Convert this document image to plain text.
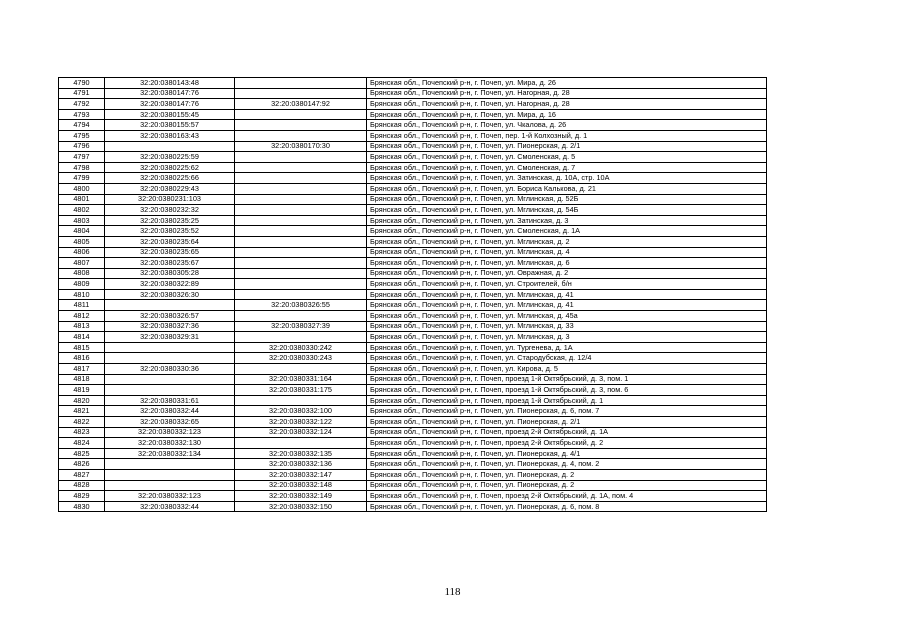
4790	32:20:0380143:48		Брянская обл., Почепский р-н, г. Почеп, ул. Мира, д. 26
4791	32:20:0380147:76		Брянская обл., Почепский р-н, г. Почеп, ул. Нагорная, д. 28
4792	32:20:0380147:76	32:20:0380147:92	Брянская обл., Почепский р-н, г. Почеп, ул. Нагорная, д. 28
4793	32:20:0380155:45		Брянская обл., Почепский р-н, г. Почеп, ул. Мира, д. 16
4794	32:20:0380155:57		Брянская обл., Почепский р-н, г. Почеп, ул. Чкалова, д. 26
4795	32:20:0380163:43		Брянская обл., Почепский р-н, г. Почеп, пер. 1-й Колхозный, д. 1
4796		32:20:0380170:30	Брянская обл., Почепский р-н, г. Почеп, ул. Пионерская, д. 2/1
4797	32:20:0380225:59		Брянская обл., Почепский р-н, г. Почеп, ул. Смоленская, д. 5
4798	32:20:0380225:62		Брянская обл., Почепский р-н, г. Почеп, ул. Смоленская, д. 7
4799	32:20:0380225:66		Брянская обл., Почепский р-н, г. Почеп, ул. Затинская, д. 10А, стр. 10А
4800	32:20:0380229:43		Брянская обл., Почепский р-н, г. Почеп, ул. Бориса Калькова, д. 21
4801	32:20:0380231:103		Брянская обл., Почепский р-н, г. Почеп, ул. Мглинская, д. 52Б
4802	32:20:0380232:32		Брянская обл., Почепский р-н, г. Почеп, ул. Мглинская, д. 54Б
4803	32:20:0380235:25		Брянская обл., Почепский р-н, г. Почеп, ул. Затинская, д. 3
4804	32:20:0380235:52		Брянская обл., Почепский р-н, г. Почеп, ул. Смоленская, д. 1А
4805	32:20:0380235:64		Брянская обл., Почепский р-н, г. Почеп, ул. Мглинская, д. 2
4806	32:20:0380235:65		Брянская обл., Почепский р-н, г. Почеп, ул. Мглинская, д. 4
4807	32:20:0380235:67		Брянская обл., Почепский р-н, г. Почеп, ул. Мглинская, д. 6
4808	32:20:0380305:28		Брянская обл., Почепский р-н, г. Почеп, ул. Овражная, д. 2
4809	32:20:0380322:89		Брянская обл., Почепский р-н, г. Почеп, ул. Строителей, б/н
4810	32:20:0380326:30		Брянская обл., Почепский р-н, г. Почеп, ул. Мглинская, д. 41
4811		32:20:0380326:55	Брянская обл., Почепский р-н, г. Почеп, ул. Мглинская, д. 41
4812	32:20:0380326:57		Брянская обл., Почепский р-н, г. Почеп, ул. Мглинская, д. 45а
4813	32:20:0380327:36	32:20:0380327:39	Брянская обл., Почепский р-н, г. Почеп, ул. Мглинская, д. 33
4814	32:20:0380329:31		Брянская обл., Почепский р-н, г. Почеп, ул. Мглинская, д. 3
4815		32:20:0380330:242	Брянская обл., Почепский р-н, г. Почеп, ул. Тургенева, д. 1А
4816		32:20:0380330:243	Брянская обл., Почепский р-н, г. Почеп, ул. Стародубская, д. 12/4
4817	32:20:0380330:36		Брянская обл., Почепский р-н, г. Почеп, ул. Кирова, д. 5
4818		32:20:0380331:164	Брянская обл., Почепский р-н, г. Почеп, проезд 1-й Октябрьский, д. 3, пом. 1
4819		32:20:0380331:175	Брянская обл., Почепский р-н, г. Почеп, проезд 1-й Октябрьский, д. 3, пом. 6
4820	32:20:0380331:61		Брянская обл., Почепский р-н, г. Почеп, проезд 1-й Октябрьский, д. 1
4821	32:20:0380332:44	32:20:0380332:100	Брянская обл., Почепский р-н, г. Почеп, ул. Пионерская, д. 6, пом. 7
4822	32:20:0380332:65	32:20:0380332:122	Брянская обл., Почепский р-н, г. Почеп, ул. Пионерская, д. 2/1
4823	32:20:0380332:123	32:20:0380332:124	Брянская обл., Почепский р-н, г. Почеп, проезд 2-й Октябрьский, д. 1А
4824	32:20:0380332:130		Брянская обл., Почепский р-н, г. Почеп, проезд 2-й Октябрьский, д. 2
4825	32:20:0380332:134	32:20:0380332:135	Брянская обл., Почепский р-н, г. Почеп, ул. Пионерская, д. 4/1
4826		32:20:0380332:136	Брянская обл., Почепский р-н, г. Почеп, ул. Пионерская, д. 4, пом. 2
4827		32:20:0380332:147	Брянская обл., Почепский р-н, г. Почеп, ул. Пионерская, д. 2
4828		32:20:0380332:148	Брянская обл., Почепский р-н, г. Почеп, ул. Пионерская, д. 2
4829	32:20:0380332:123	32:20:0380332:149	Брянская обл., Почепский р-н, г. Почеп, проезд 2-й Октябрьский, д. 1А, пом. 4
4830	32:20:0380332:44	32:20:0380332:150	Брянская обл., Почепский р-н, г. Почеп, ул. Пионерская, д. 6, пом. 8
118
